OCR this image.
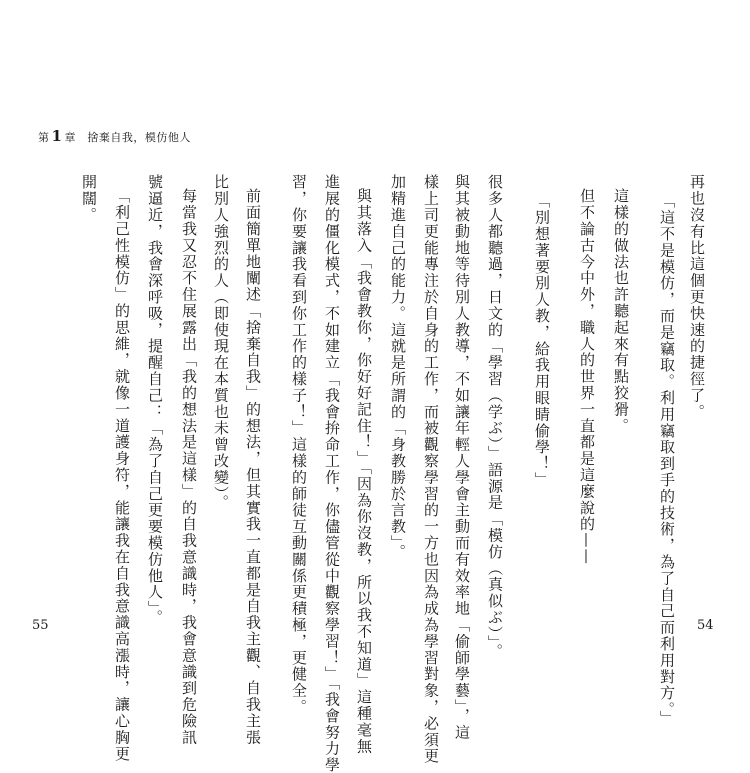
第 1 章　捨棄自我，模仿他人
再也沒有比這個更快速的捷徑了。
「這不是模仿，而是竊取。利用竊取到手的技術，為了自己而利用對方。」
這樣的做法也許聽起來有點狡猾。
但不論古今中外，職人的世界一直都是這麼說的——
「別想著要別人教，給我用眼睛偷學！」
很多人都聽過，日文的「學習（学ぶ）」語源是「模仿（真似ぶ）」。
與其被動地等待別人教導，不如讓年輕人學會主動而有效率地「偷師學藝」，這
樣上司更能專注於自身的工作，而被觀察學習的一方也因為成為學習對象，必須更
加精進自己的能力。這就是所謂的「身教勝於言教」。
與其落入「我會教你，你好好記住！」「因為你沒教，所以我不知道」這種毫無
進展的僵化模式，不如建立「我會拚命工作，你儘管從中觀察學習！」「我會努力學
習，你要讓我看到你工作的樣子！」這樣的師徒互動關係更積極，更健全。
前面簡單地闡述「捨棄自我」的想法，但其實我一直都是自我主觀、自我主張
比別人強烈的人（即使現在本質也未曾改變）。
每當我又忍不住展露出「我的想法是這樣」的自我意識時，我會意識到危險訊
號逼近，我會深呼吸，提醒自己：「為了自己更要模仿他人」。
「利己性模仿」的思維，就像一道護身符，能讓我在自我意識高漲時，讓心胸更
開闊。
55	54
